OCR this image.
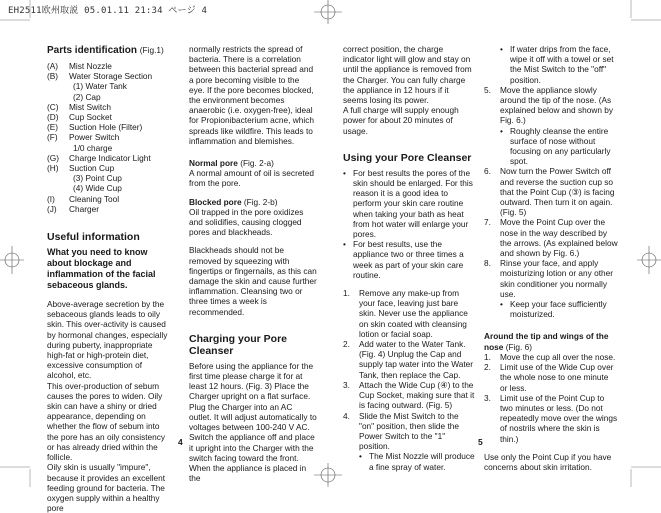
EH2511欧州取説 05.01.11 21:34 ページ 4
Parts identification (Fig.1)
(A)	Mist Nozzle
(B)	Water Storage Section
(1) Water Tank
(2) Cap
(C)	Mist Switch
(D)	Cup Socket
(E)	Suction Hole (Filter)
(F)	Power Switch
1/0 charge
(G)	Charge Indicator Light
(H)	Suction Cup
(3) Point Cup
(4) Wide Cup
(I)	Cleaning Tool
(J)	Charger
Useful information

What you need to know about blockage and inflammation of the facial sebaceous glands.

Above-average secretion by the sebaceous glands leads to oily skin. This over-activity is caused by hormonal changes, especially during puberty, inappropriate high-fat or high-protein diet, excessive consumption of alcohol, etc.

This over-production of sebum causes the pores to widen. Oily skin can have a shiny or dried appearance, depending on whether the flow of sebum into the pore has an oily consistency or has already dried within the follicle.

Oily skin is usually "impure", because it provides an excellent feeding ground for bacteria. The oxygen supply within a healthy pore

normally restricts the spread of bacteria. There is a correlation between this bacterial spread and a pore becoming visible to the eye. If the pore becomes blocked, the environment becomes anaerobic (i.e. oxygen-free), ideal for Propionibacterium acne, which spreads like wildfire. This leads to inflammation and blemishes.

Normal pore (Fig. 2-a)

A normal amount of oil is secreted from the pore.

Blocked pore (Fig. 2-b)

Oil trapped in the pore oxidizes and solidifies, causing clogged pores and blackheads.

Blackheads should not be removed by squeezing with fingertips or fingernails, as this can damage the skin and cause further inflammation. Cleansing two or three times a week is recommended.

Charging your Pore Cleanser

Before using the appliance for the first time please charge it for at least 12 hours. (Fig. 3) Place the Charger upright on a flat surface. Plug the Charger into an AC outlet. It will adjust automatically to voltages between 100-240 V AC. Switch the appliance off and place it upright into the Charger with the switch facing toward the front. When the appliance is placed in the

correct position, the charge indicator light will glow and stay on until the appliance is removed from the Charger. You can fully charge the appliance in 12 hours if it seems losing its power.

A full charge will supply enough power for about 20 minutes of usage.

Using your Pore Cleanser
• For best results the pores of the skin should be enlarged. For this reason it is a good idea to perform your skin care routine when taking your bath as heat from hot water will enlarge your pores.
• For best results, use the appliance two or three times a week as part of your skin care routine.
1.	Remove any make-up from your face, leaving just bare skin. Never use the appliance on skin coated with cleansing lotion or facial soap.
2.	Add water to the Water Tank. (Fig. 4) Unplug the Cap and supply tap water into the Water Tank, then replace the Cap.
3.	Attach the Wide Cup (④) to the Cup Socket, making sure that it is facing outward. (Fig. 5)
4.	Slide the Mist Switch to the "on" position, then slide the Power Switch to the "1" position.
• The Mist Nozzle will produce a fine spray of water.
• If water drips from the face, wipe it off with a towel or set the Mist Switch to the "off" position.
5.	Move the appliance slowly around the tip of the nose. (As explained below and shown by Fig. 6.)
• Roughly cleanse the entire surface of nose without focusing on any particularly spot.
6.	Now turn the Power Switch off and reverse the suction cup so that the Point Cup (③) is facing outward. Then turn it on again. (Fig. 5)
7.	Move the Point Cup over the nose in the way described by the arrows. (As explained below and shown by Fig. 6.)
8.	Rinse your face, and apply moisturizing lotion or any other skin conditioner you normally use.
• Keep your face sufficiently moisturized.

Around the tip and wings of the nose (Fig. 6)

1.	Move the cup all over the nose.
2.	Limit use of the Wide Cup over the whole nose to one minute or less.
3.	Limit use of the Point Cup to two minutes or less. (Do not repeatedly move over the wings of nostrils where the skin is thin.)

Use only the Point Cup if you have concerns about skin irritation.

4	5
